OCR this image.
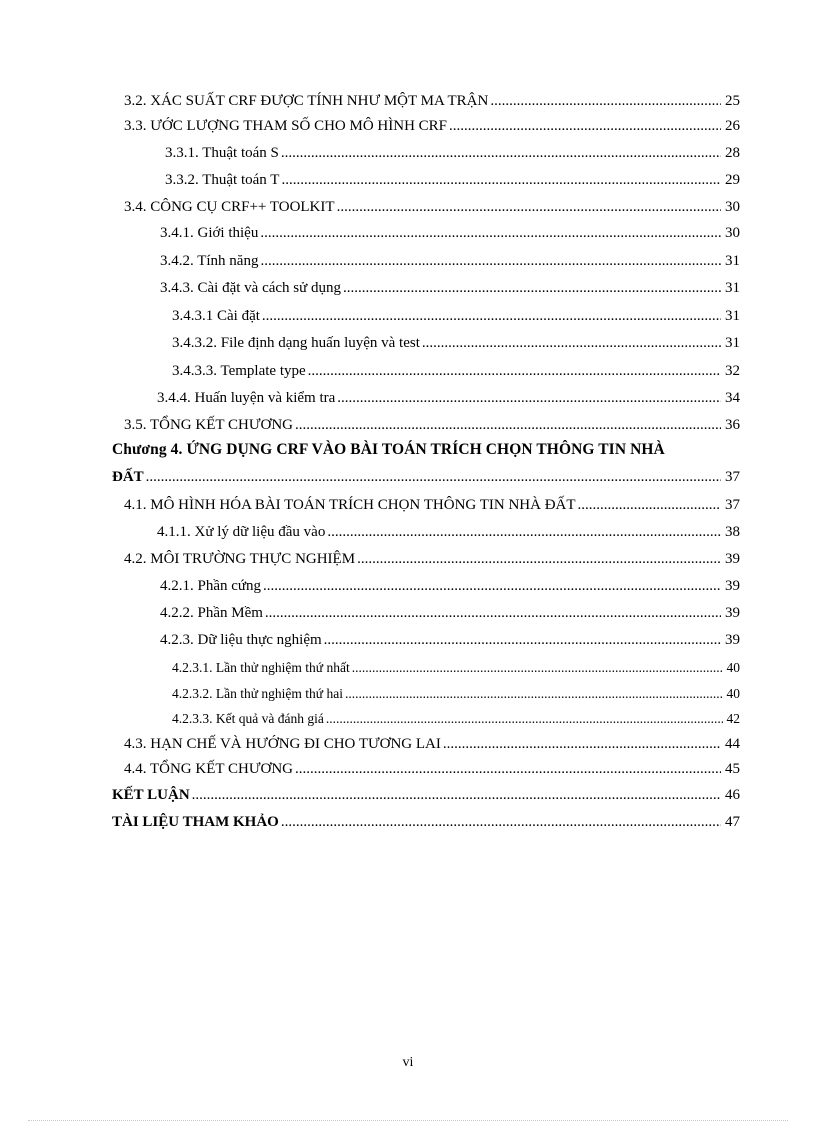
3.2. XÁC SUẤT CRF ĐƯỢC TÍNH NHƯ MỘT MA TRẬN .....	25
3.3. ƯỚC LƯỢNG THAM SỐ CHO MÔ HÌNH CRF .....	26
3.3.1. Thuật toán S .....	28
3.3.2. Thuật toán T .....	29
3.4. CÔNG CỤ CRF++ TOOLKIT .....	30
3.4.1. Giới thiệu .....	30
3.4.2. Tính năng .....	31
3.4.3. Cài đặt và cách sử dụng .....	31
3.4.3.1 Cài đặt .....	31
3.4.3.2. File định dạng huấn luyện và test .....	31
3.4.3.3. Template type .....	32
3.4.4. Huấn luyện và kiểm tra .....	34
3.5. TỔNG KẾT CHƯƠNG .....	36
Chương 4. ỨNG DỤNG CRF VÀO BÀI TOÁN TRÍCH CHỌN THÔNG TIN NHÀ
ĐẤT .....	37
4.1. MÔ HÌNH HÓA BÀI TOÁN TRÍCH CHỌN THÔNG TIN NHÀ ĐẤT .....	37
4.1.1. Xử lý dữ liệu đầu vào .....	38
4.2. MÔI TRƯỜNG THỰC NGHIỆM .....	39
4.2.1. Phần cứng .....	39
4.2.2. Phần Mềm .....	39
4.2.3. Dữ liệu thực nghiệm .....	39
4.2.3.1. Lần thử nghiệm thứ nhất .....	40
4.2.3.2. Lần thử nghiệm thứ hai .....	40
4.2.3.3. Kết quả và đánh giá .....	42
4.3. HẠN CHẾ VÀ HƯỚNG ĐI CHO TƯƠNG LAI .....	44
4.4. TỔNG KẾT CHƯƠNG .....	45
KẾT LUẬN .....	46
TÀI LIỆU THAM KHẢO .....	47
vi
